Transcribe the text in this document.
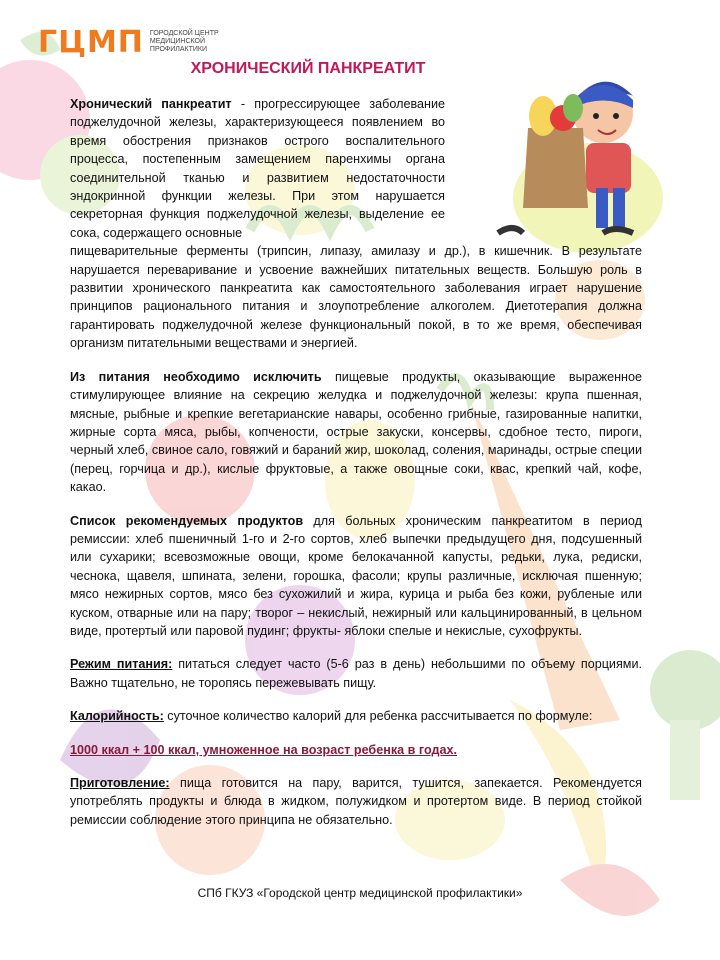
ГЦМП ГОРОДСКОЙ ЦЕНТР МЕДИЦИНСКОЙ ПРОФИЛАКТИКИ
ХРОНИЧЕСКИЙ ПАНКРЕАТИТ

Хронический панкреатит - прогрессирующее заболевание поджелудочной железы, характеризующееся появлением во время обострения признаков острого воспалительного процесса, постепенным замещением паренхимы органа соединительной тканью и развитием недостаточности эндокринной функции железы. При этом нарушается секреторная функция поджелудочной железы, выделение ее сока, содержащего основные

пищеварительные ферменты (трипсин, липазу, амилазу и др.), в кишечник. В результате нарушается переваривание и усвоение важнейших питательных веществ. Большую роль в развитии хронического панкреатита как самостоятельного заболевания играет нарушение принципов рационального питания и злоупотребление алкоголем. Диетотерапия должна гарантировать поджелудочной железе функциональный покой, в то же время, обеспечивая организм питательными веществами и энергией.

Из питания необходимо исключить пищевые продукты, оказывающие выраженное стимулирующее влияние на секрецию желудка и поджелудочной железы: крупа пшенная, мясные, рыбные и крепкие вегетарианские навары, особенно грибные, газированные напитки, жирные сорта мяса, рыбы, копчености, острые закуски, консервы, сдобное тесто, пироги, черный хлеб, свиное сало, говяжий и бараний жир, шоколад, соления, маринады, острые специи (перец, горчица и др.), кислые фруктовые, а также овощные соки, квас, крепкий чай, кофе, какао.

Список рекомендуемых продуктов для больных хроническим панкреатитом в период ремиссии: хлеб пшеничный 1-го и 2-го сортов, хлеб выпечки предыдущего дня, подсушенный или сухарики; всевозможные овощи, кроме белокачанной капусты, редьки, лука, редиски, чеснока, щавеля, шпината, зелени, горошка, фасоли; крупы различные, исключая пшенную; мясо нежирных сортов, мясо без сухожилий и жира, курица и рыба без кожи, рубленые или куском, отварные или на пару; творог – некислый, нежирный или кальцинированный, в цельном виде, протертый или паровой пудинг; фрукты- яблоки спелые и некислые, сухофрукты.

Режим питания: питаться следует часто (5-6 раз в день) небольшими по объему порциями. Важно тщательно, не торопясь пережевывать пищу.

Калорийность: суточное количество калорий для ребенка рассчитывается по формуле:

1000 ккал + 100 ккал, умноженное на возраст ребенка в годах.

Приготовление: пища готовится на пару, варится, тушится, запекается. Рекомендуется употреблять продукты и блюда в жидком, полужидком и протертом виде. В период стойкой ремиссии соблюдение этого принципа не обязательно.

СПб ГКУЗ «Городской центр медицинской профилактики»
